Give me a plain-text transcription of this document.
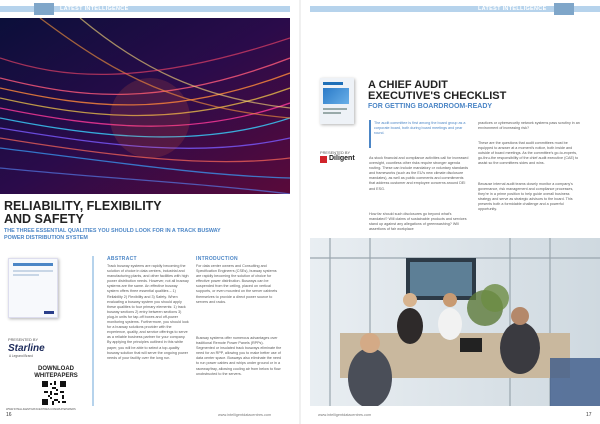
LATEST INTELLIGENCE	LATEST INTELLIGENCE
RELIABILITY, FLEXIBILITY
AND SAFETY
THE THREE ESSENTIAL QUALITIES YOU SHOULD LOOK FOR IN A TRACK BUSWAY POWER DISTRIBUTION SYSTEM
PRESENTED BY
Starline
A Legrand Brand
DOWNLOAD WHITEPAPERS
WWW.INTELLIGENTDATACENTRES.COM/WHITEPAPERS
ABSTRACT

Track busway systems are rapidly becoming the solution of choice in data centers, industrial and manufacturing plants, and other facilities with high power distribution needs. However, not all busway systems are the same. An effective busway system offers three essential qualities – 1) Reliability 2) Flexibility and 3) Safety. When evaluating a busway system you should apply these qualities to four primary elements: 1) track busway sections 2) entry between sections 3) plug-in units for tap-off boxes and off-power monitoring systems. Furthermore, you should look for a busway solutions provider with the experience, quality, and service offerings to serve as a reliable business partner for your company. By applying the principles outlined in this white paper, you will be able to select a top-quality busway solution that will serve the ongoing power needs of your facility over the long run.

INTRODUCTION

For data center owners and Consulting and Specification Engineers (CSEs), busway systems are rapidly becoming the solution of choice for effective power distribution. Busways can be suspended from the ceiling, placed on vertical supports, or even mounted on the server cabinets themselves to provide a direct power source to servers and racks.

Busway systems offer numerous advantages over traditional Remote Power Panels (RPPs). Segmented or insulated track busways eliminate the need for an RPP, allowing you to make better use of data center space. Busways also eliminate the need to run power cables and whips under ground or in a raceway/tray, allowing cooling air from below to flow unobstructed to the servers.

16	www.intelligentdatacentres.com
A CHIEF AUDIT
EXECUTIVE'S CHECKLIST
FOR GETTING BOARDROOM-READY

The audit committee is first among the board group as a corporate board, both during board meetings and year round.

PRESENTED BY
Diligent	As stock financial and compliance activities call for increased oversight, countless other risks require stronger agenda routing. These can include mandatory or voluntary standards and frameworks (such as the EU's new climate disclosure mandates), as well as public comments and commitments that address customer and employee concerns around DEI and ESG.

How far should such disclosures go beyond what's mandated? Will claims of sustainable products and services stand up against any allegations of greenwashing? Will assertions of fair workplace

practices or cybersecurity network systems pass scrutiny in an environment of increasing risk?

These are the questions that audit committees must be equipped to answer at a moment's notice, both inside and outside of board meetings. As the committee's go-to-experts, go-thru-the responsibility of the chief audit executive (CAE) to assist so the committees sides and wins.

Because internal audit teams closely monitor a company's governance, risk management and compliance processes, they're in a prime position to help guide overall business strategy and serve as strategic advisors to the board. This presents both a formidable challenge and a powerful opportunity.

www.intelligentdatacentres.com	17
